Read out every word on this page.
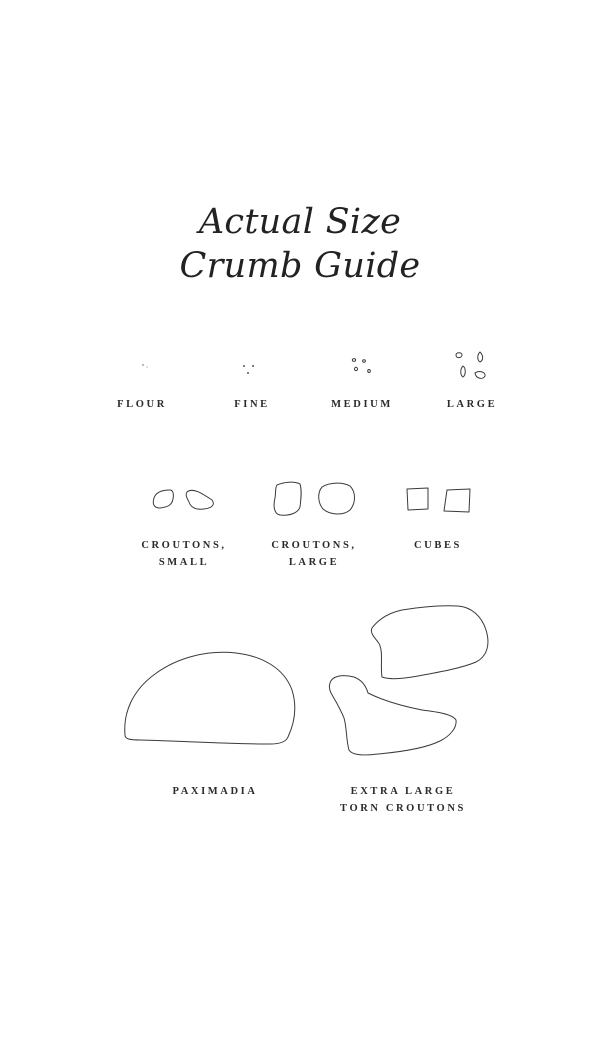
Actual Size
Crumb Guide
FLOUR	FINE	MEDIUM	LARGE
CROUTONS,
SMALL
CROUTONS,
LARGE
CUBES
PAXIMADIA	EXTRA LARGE
TORN CROUTONS
